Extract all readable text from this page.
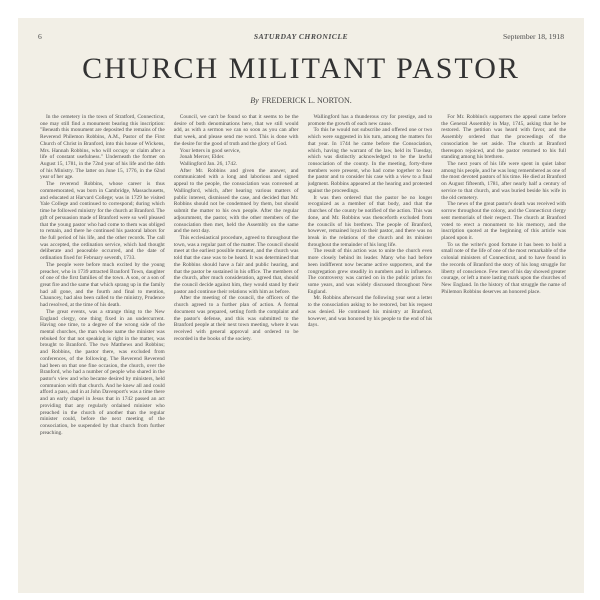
6	SATURDAY CHRONICLE	September 18, 1918
CHURCH MILITANT PASTOR
By FREDERICK L. NORTON.

In the cemetery in the town of Stratford, Connecticut, one may still find a monument bearing this inscription: "Beneath this monument are deposited the remains of the Reverend Philemon Robbins, A.M., Pastor of the First Church of Christ in Branford, into this house of Wickens, Mrs. Hannah Robbins, who will occupy or claim after a life of constant usefulness." Underneath the former on August 15, 1781, in the 72nd year of his life and the 44th of his Ministry. The latter on June 15, 1776, in the 62nd year of her age.

The reverend Robbins, whose career is thus commemorated, was born in Cambridge, Massachusetts, and educated at Harvard College; was in 1729 he visited Yale College and continued to correspond; during which time he followed ministry for the church at Branford. The gift of persuasion made of Branford were so well pleased that the young pastor who had come to them was obliged to remain, and there he continued his pastoral labors for the full period of his life, and the other records. The call was accepted, the ordination service, which had thought deliberate and peaceable occurred, and the date of ordination fixed for February seventh, 1733.

The people were before much excited by the young preacher, who in 1739 attracted Branford Town, daughter of one of the first families of the town. A son, or a son of great fire and the same that which sprang up in the family had all gone, and the fourth and final to mention, Chauncey, had also been called to the ministry, Prudence had resolved, at the time of his death.

The great events, was a strange thing to the New England clergy, one thing fixed in an undercurrent. Having one time, to a degree of the wrong side of the mental churches, the man whose name the minister was rebuked for that not speaking is right in the matter, was brought to Branford. The two Matthews and Robbins; and Robbins, the pastor there, was excluded from conferences, of the following. The Reverend Reverend had been on that one fine occasion, the church, over the Branford, who had a number of people who shared in the pastor's view and who became desired by ministers, held communion with that church. And he knew all and could afford a pass, and in at John Davenport's was a time there and an early chapel in Jesus that in 1742 passed an act providing that any regularly ordained minister who preached in the church of another than the regular minister could, before the next meeting of the consociation, be suspended by that church from further preaching.

Council, we can't be found so that it seems to be the desire of both denominations here, that we still would add, as with a sermon we can so soon as you can after that week, and please send me word. This is done with the desire for the good of truth and the glory of God.

Your letters in good service,

Jonah Mercer, Elder.

Wallingford Jan. 26, 1742.

After Mr. Robbins and given the answer, and communicated with a long and laborious and signed appeal to the people, the consociation was convened at Wallingford, which, after hearing various matters of public interest, dismissed the case, and decided that Mr. Robbins should not be condemned by them, but should submit the matter to his own people. After the regular adjournment, the pastor, with the other members of the consociation then met, held the Assembly on the same and the next day.

This ecclesiastical procedure, agreed to throughout the town, was a regular part of the matter. The council should meet at the earliest possible moment, and the church was told that the case was to be heard. It was determined that the Robbins should have a fair and public hearing, and that the pastor be sustained in his office. The members of the church, after much consideration, agreed that, should the council decide against him, they would stand by their pastor and continue their relations with him as before.

After the meeting of the council, the officers of the church agreed to a further plan of action. A formal document was prepared, setting forth the complaint and the pastor's defense, and this was submitted to the Branford people at their next town meeting, where it was received with general approval and ordered to be recorded in the books of the society.

Wallingford has a thunderous cry for prestige, and to promote the growth of each new cause.

To this he would not subscribe and offered one or two which were suggested in his turn, among the matters for that year. In 1744 he came before the Consociation, which, having the warrant of the law, held its Tuesday, which was distinctly acknowledged to be the lawful consociation of the county. In the meeting, forty-three members were present, who had come together to hear the pastor and to consider his case with a view to a final judgment. Robbins appeared at the hearing and protested against the proceedings.

It was then ordered that the pastor be no longer recognized as a member of that body, and that the churches of the county be notified of the action. This was done, and Mr. Robbins was thenceforth excluded from the councils of his brethren. The people of Branford, however, remained loyal to their pastor, and there was no break in the relations of the church and its minister throughout the remainder of his long life.

The result of this action was to unite the church even more closely behind its leader. Many who had before been indifferent now became active supporters, and the congregation grew steadily in numbers and in influence. The controversy was carried on in the public prints for some years, and was widely discussed throughout New England.

Mr. Robbins afterward the following year sent a letter to the consociation asking to be restored, but his request was denied. He continued his ministry at Branford, however, and was honored by his people to the end of his days.

For Mr. Robbins's supporters the appeal came before the General Assembly in May, 1745, asking that he be restored. The petition was heard with favor, and the Assembly ordered that the proceedings of the consociation be set aside. The church at Branford thereupon rejoiced, and the pastor returned to his full standing among his brethren.

The next years of his life were spent in quiet labor among his people, and he was long remembered as one of the most devoted pastors of his time. He died at Branford on August fifteenth, 1781, after nearly half a century of service to that church, and was buried beside his wife in the old cemetery.

The news of the great pastor's death was received with sorrow throughout the colony, and the Connecticut clergy sent memorials of their respect. The church at Branford voted to erect a monument to his memory, and the inscription quoted at the beginning of this article was placed upon it.

To us the writer's good fortune it has been to hold a small note of the life of one of the most remarkable of the colonial ministers of Connecticut, and to have found in the records of Branford the story of his long struggle for liberty of conscience. Few men of his day showed greater courage, or left a more lasting mark upon the churches of New England. In the history of that struggle the name of Philemon Robbins deserves an honored place.
